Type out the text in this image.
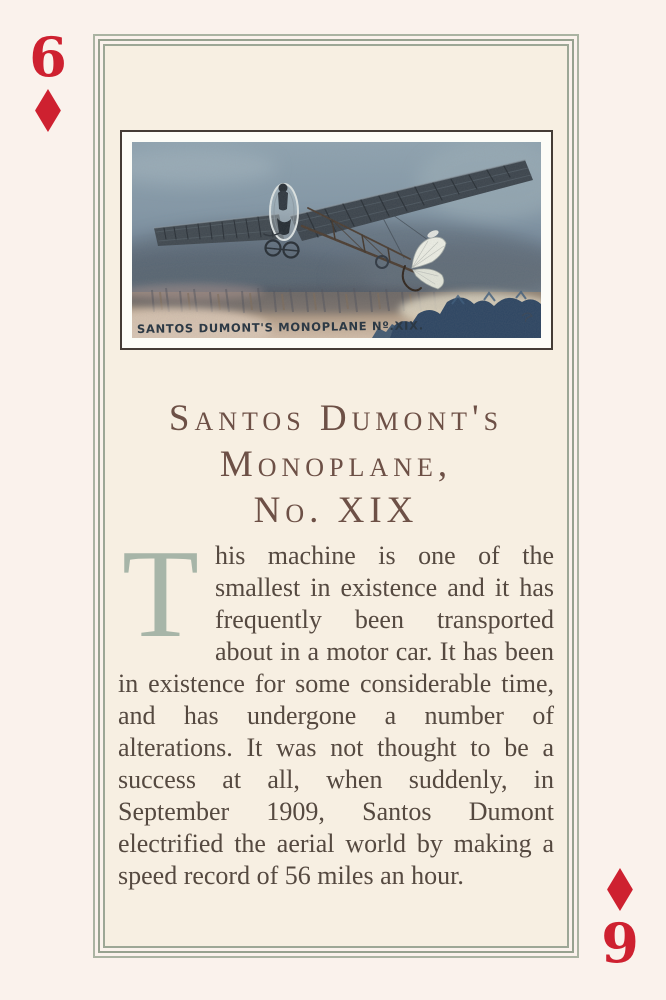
6
♦
♦
9
SANTOS DUMONT'S MONOPLANE Nº.XIX.
Santos Dumont's
Monoplane,
No. XIX

This machine is one of the smallest in existence and it has frequently been transported about in a motor car. It has been in existence for some considerable time, and has undergone a number of alterations. It was not thought to be a success at all, when suddenly, in September 1909, Santos Dumont electrified the aerial world by making a speed record of 56 miles an hour.
